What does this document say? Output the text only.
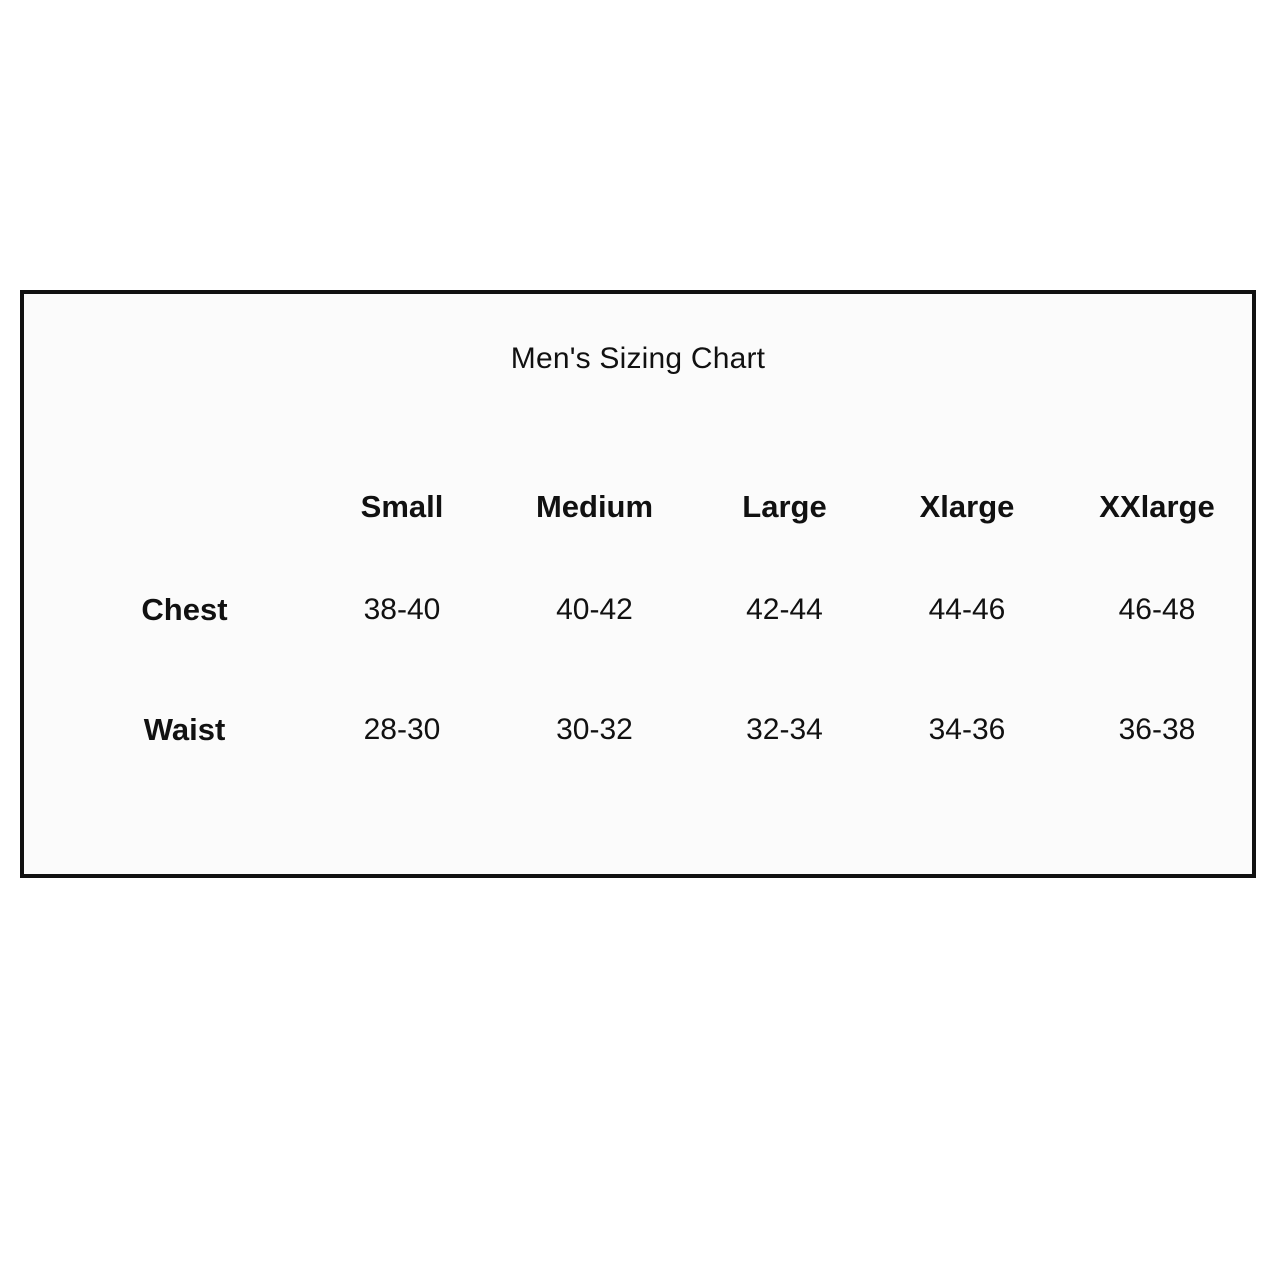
Men's Sizing Chart
	Small	Medium	Large	Xlarge	XXlarge
Chest	38-40	40-42	42-44	44-46	46-48
Waist	28-30	30-32	32-34	34-36	36-38
